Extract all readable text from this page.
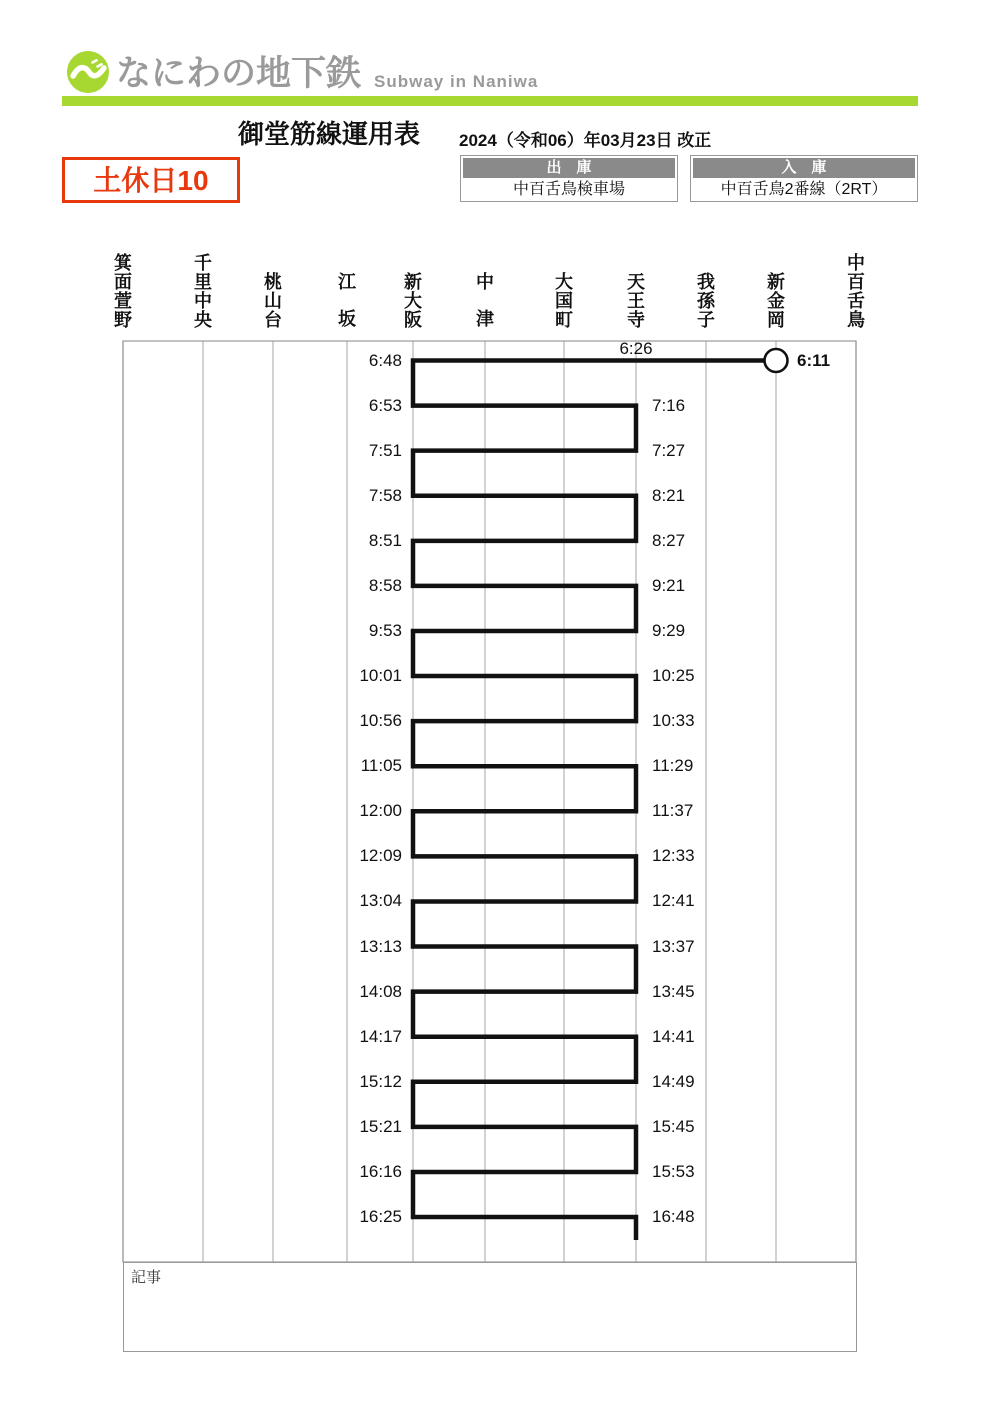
なにわの地下鉄 Subway in Naniwa
御堂筋線運用表 2024（令和06）年03月23日 改正
土休日10	出　庫
中百舌鳥検車場
入　庫
中百舌鳥2番線（2RT）
箕
面
萱
野
千
里
中
央
桃
山
台
江
坂
新
大
阪
中
津
大
国
町
天
王
寺
我
孫
子
新
金
岡
中
百
舌
鳥
6:48
6:53	7:16
7:51	7:27
7:58	8:21
8:51	8:27
8:58	9:21
9:53	9:29
10:01	10:25
10:56	10:33
11:05	11:29
12:00	11:37
12:09	12:33
13:04	12:41
13:13	13:37
14:08	13:45
14:17	14:41
15:12	14:49
15:21	15:45
16:16	15:53
16:25	16:48
6:11
6:26
記事
